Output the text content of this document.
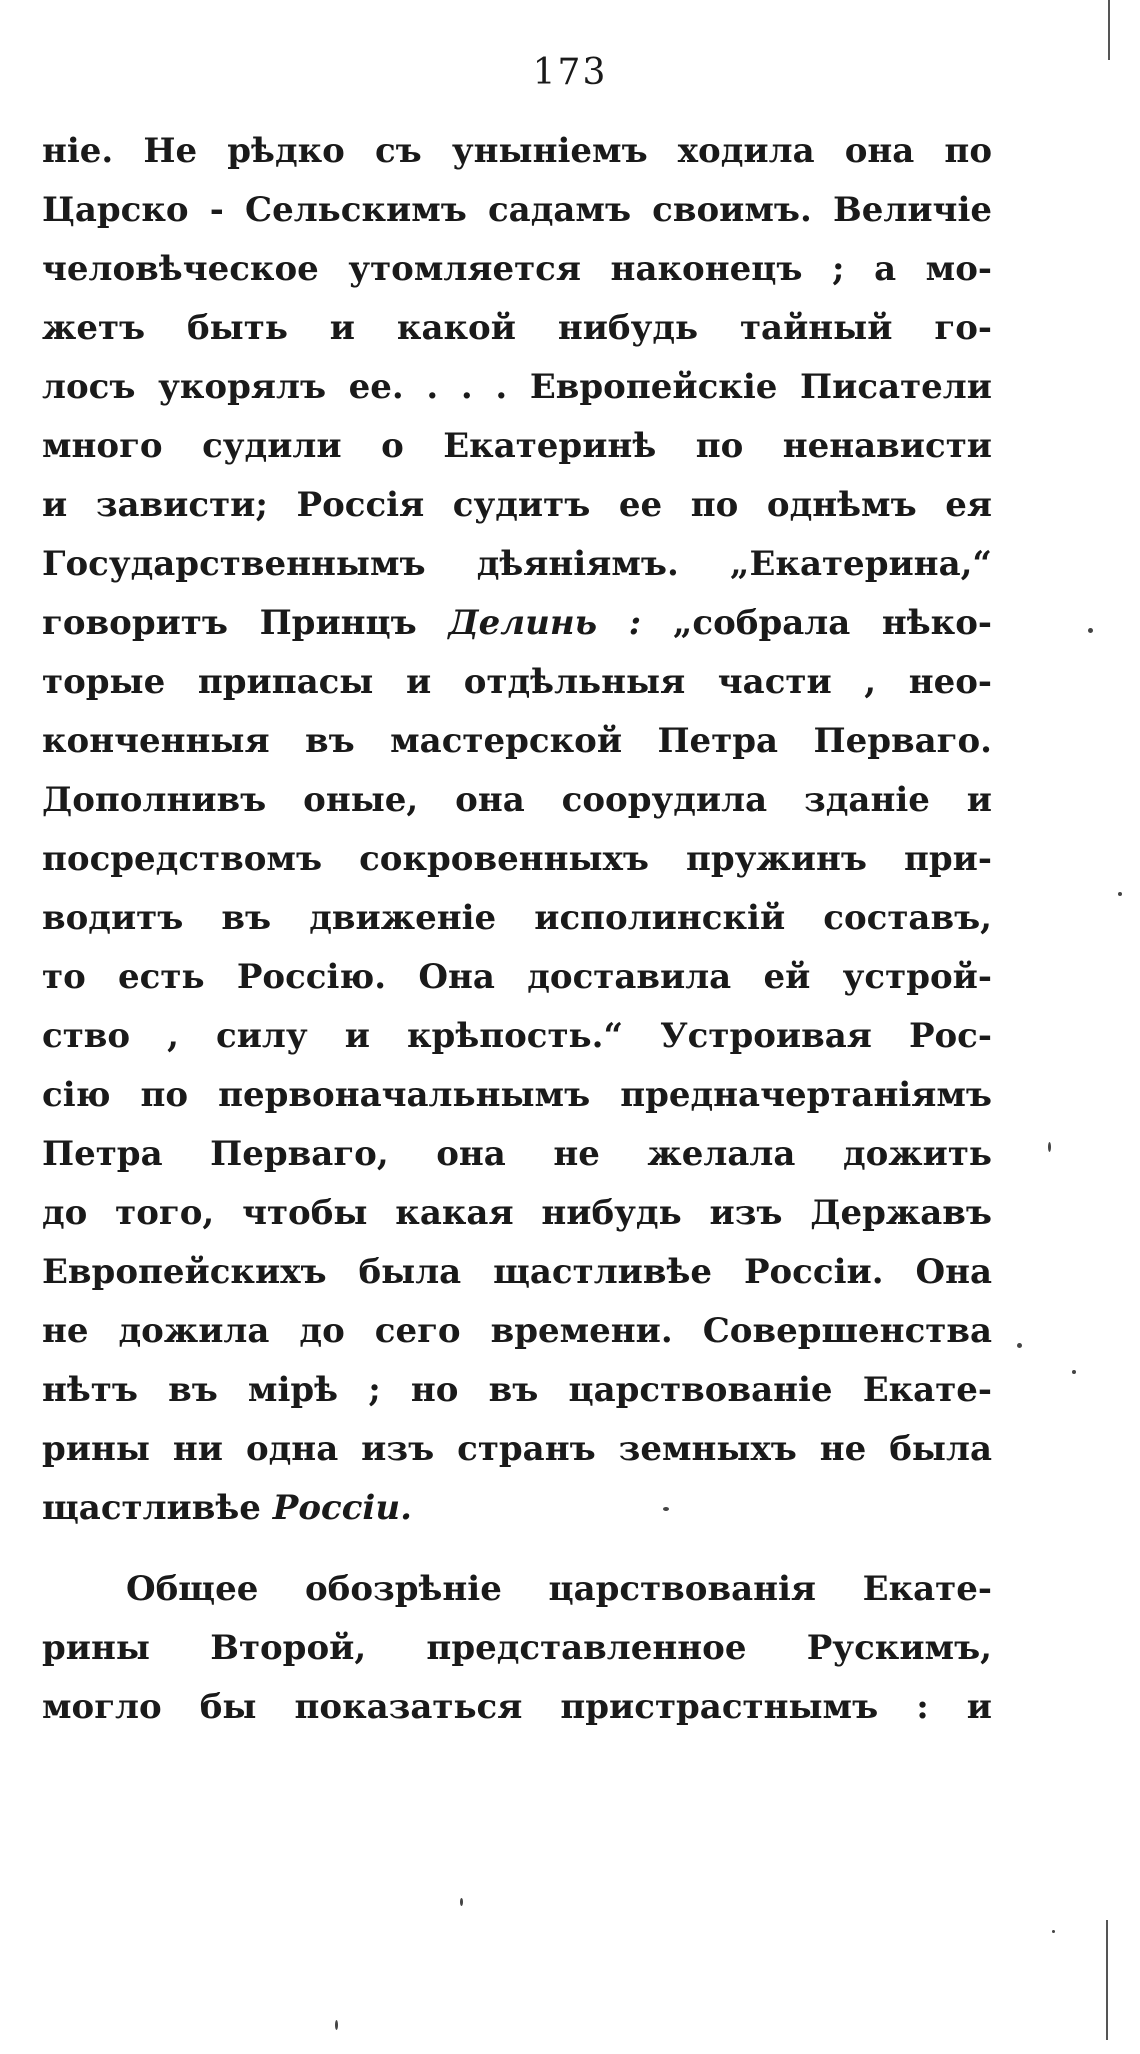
173
ніе. Не рѣдко съ уныніемъ ходила она по
Царско - Сельскимъ садамъ своимъ. Величіе
человѣческое утомляется наконецъ ; а мо-
жетъ быть и какой нибудь тайный го-
лосъ укорялъ ее. . . . Европейскіе Писатели
много судили о Екатеринѣ по ненависти
и зависти; Россія судитъ ее по однѣмъ ея
Государственнымъ дѣяніямъ. „Екатерина,“
говоритъ Принцъ Делинь : „собрала нѣко-
торые припасы и отдѣльныя части , нео-
конченныя въ мастерской Петра Перваго.
Дополнивъ оные, она соорудила зданіе и
посредствомъ сокровенныхъ пружинъ при-
водитъ въ движеніе исполинскій составъ,
то есть Россію. Она доставила ей устрой-
ство , силу и крѣпость.“ Устроивая Рос-
сію по первоначальнымъ предначертаніямъ
Петра Перваго, она не желала дожить
до того, чтобы какая нибудь изъ Державъ
Европейскихъ была щастливѣе Россіи. Она
не дожила до сего времени. Совершенства
нѣтъ въ мірѣ ; но въ царствованіе Екате-
рины ни одна изъ странъ земныхъ не была
щастливѣе Россіи.
Общее обозрѣніе царствованія Екате-
рины Второй, представленное Рускимъ,
могло бы показаться пристрастнымъ : и
